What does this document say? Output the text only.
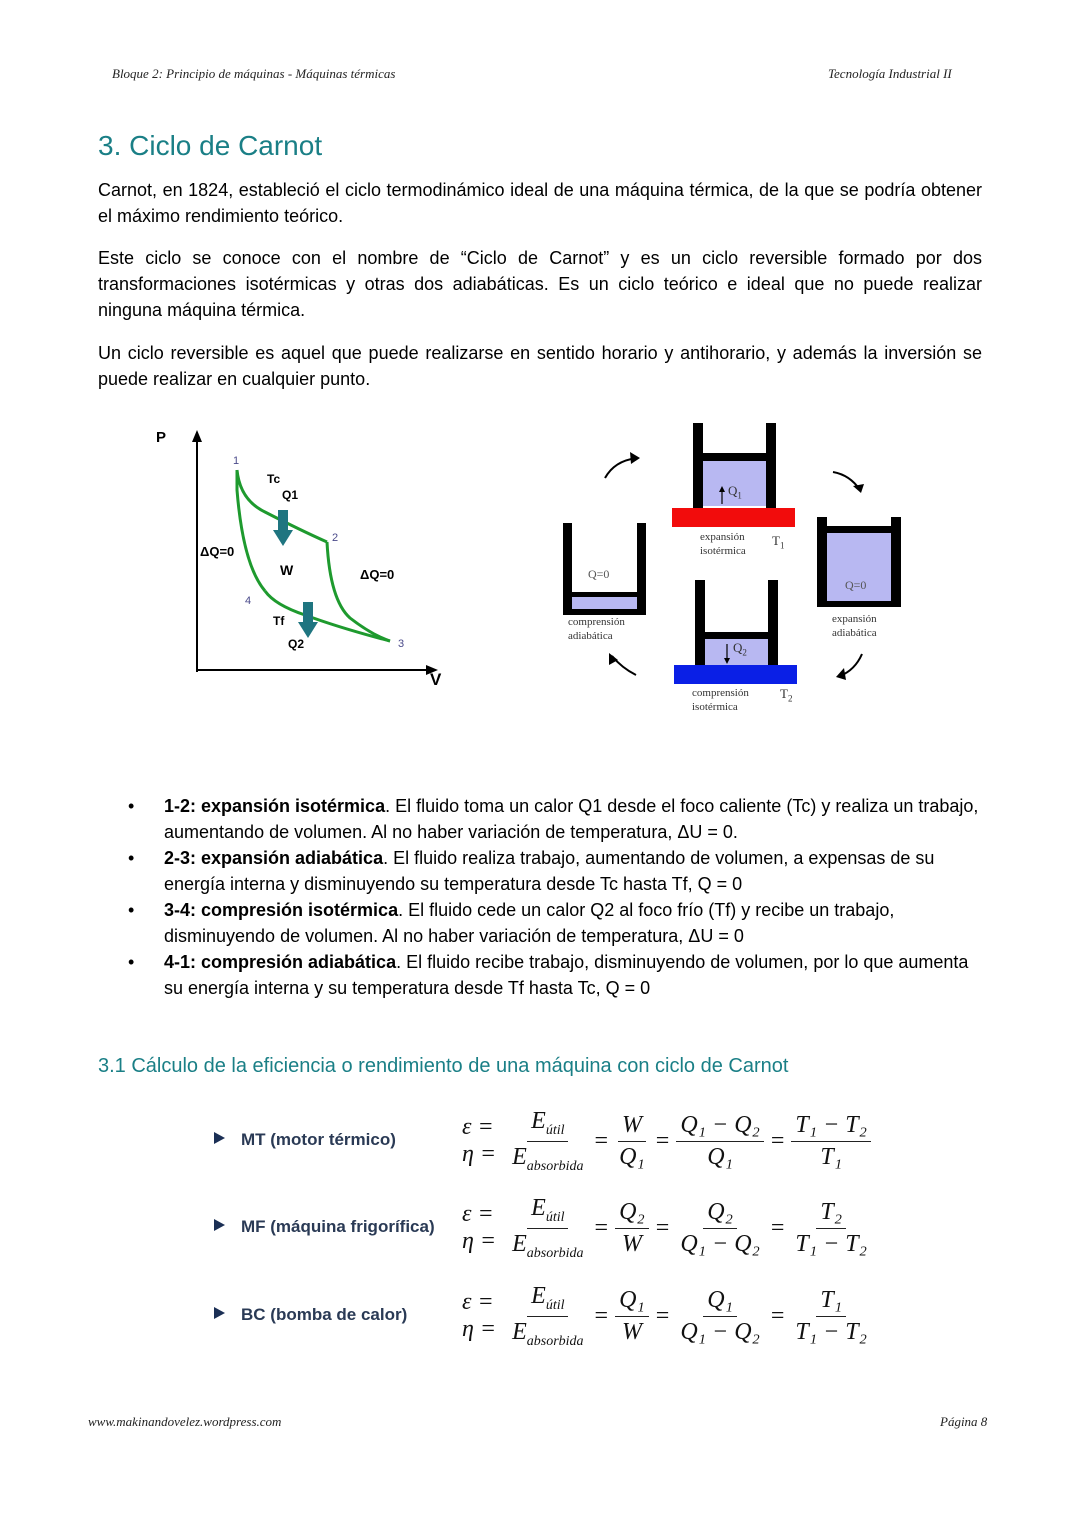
Bloque 2: Principio de máquinas - Máquinas térmicas	Tecnología Industrial II
3. Ciclo de Carnot

Carnot, en 1824, estableció el ciclo termodinámico ideal de una máquina térmica, de la que se podría obtener el máximo rendimiento teórico.

Este ciclo se conoce con el nombre de “Ciclo de Carnot” y es un ciclo reversible formado por dos transformaciones isotérmicas y otras dos adiabáticas. Es un ciclo teórico e ideal que no puede realizar ninguna máquina térmica.

Un ciclo reversible es aquel que puede realizarse en sentido horario y antihorario, y además la inversión se puede realizar en cualquier punto.

P
V
1
2
3
4
Tc
Q1
W
ΔQ=0
ΔQ=0
Tf
Q2
$Q_1$
$Q_2$
Q=0
Q=0
expansión
isotérmica
$T_1$
expansión
adiabática
comprensión
isotérmica
$T_2$
comprensión
adiabática
• 1-2: expansión isotérmica. El fluido toma un calor Q1 desde el foco caliente (Tc) y realiza un trabajo, aumentando de volumen. Al no haber variación de temperatura, ΔU = 0.
• 2-3: expansión adiabática. El fluido realiza trabajo, aumentando de volumen, a expensas de su energía interna y disminuyendo su temperatura desde Tc hasta Tf, Q = 0
• 3-4: compresión isotérmica. El fluido cede un calor Q2 al foco frío (Tf) y recibe un trabajo, disminuyendo de volumen. Al no haber variación de temperatura, ΔU = 0
• 4-1: compresión adiabática. El fluido recibe trabajo, disminuyendo de volumen, por lo que aumenta su energía interna y su temperatura desde Tf hasta Tc, Q = 0
3.1 Cálculo de la eficiencia o rendimiento de una máquina con ciclo de Carnot
MT (motor térmico)	$\varepsilon = \eta = \frac{E_{útil}}{E_{absorbida}} = \frac{W}{\text{Q₁}} = \frac{\text{Q₁ − Q₂}}{\text{Q₁}} = \frac{\text{T₁ − T₂}}{\text{T₁}}$
MF (máquina frigorífica) $\varepsilon = \eta = \frac{E_{útil}}{E_{absorbida}} = \frac{\text{Q₂}}{W} = \frac{\text{Q₂}}{\text{Q₁ − Q₂}} = \frac{\text{T₂}}{\text{T₁ − T₂}}$
BC (bomba de calor) $\varepsilon = \eta = \frac{E_{útil}}{E_{absorbida}} = \frac{\text{Q₁}}{W} = \frac{\text{Q₁}}{\text{Q₁ − Q₂}} = \frac{\text{T₁}}{\text{T₁ − T₂}}$
www.makinandovelez.wordpress.com	Página 8
